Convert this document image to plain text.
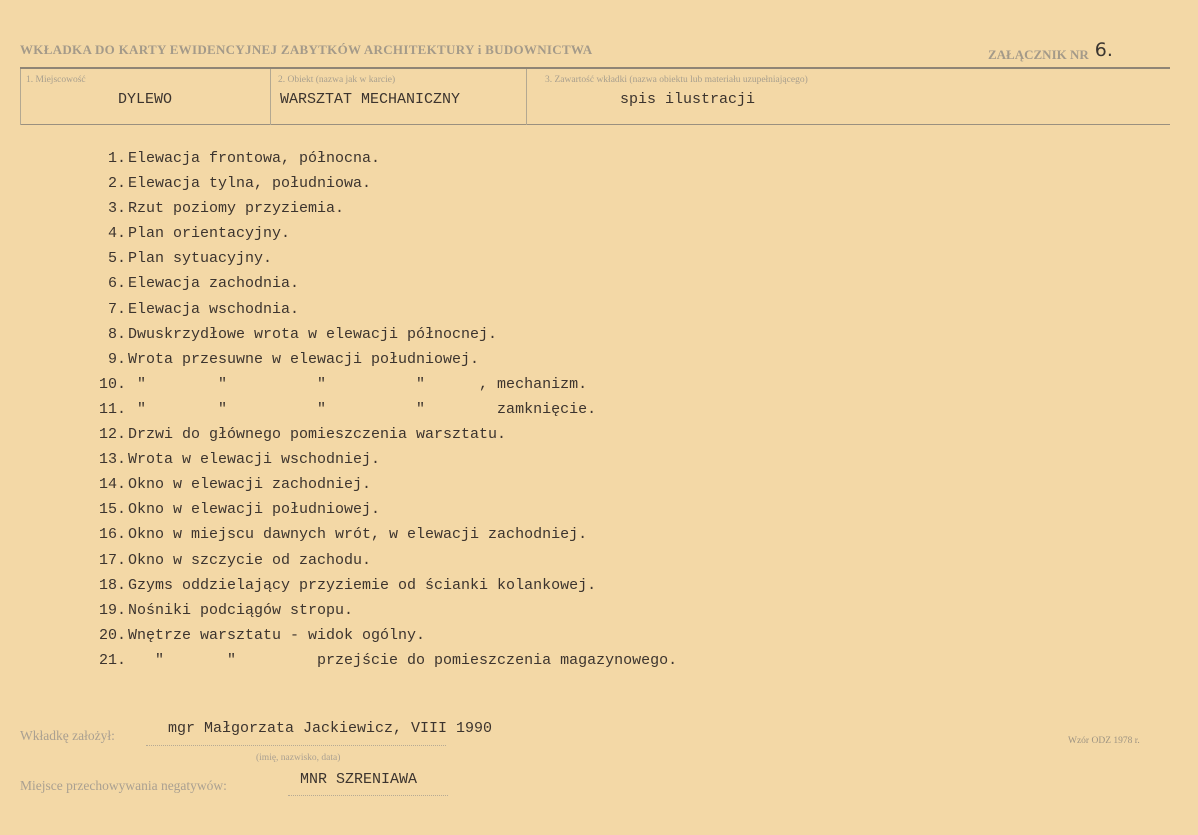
WKŁADKA DO KARTY EWIDENCYJNEJ ZABYTKÓW ARCHITEKTURY i BUDOWNICTWA	ZAŁĄCZNIK NR 6.
1. Miejscowość
DYLEWO
2. Obiekt (nazwa jak w karcie)
WARSZTAT MECHANICZNY
3. Zawartość wkładki (nazwa obiektu lub materiału uzupełniającego)
spis ilustracji
1. Elewacja frontowa, północna.
2. Elewacja tylna, południowa.
3. Rzut poziomy przyziemia.
4. Plan orientacyjny.
5. Plan sytuacyjny.
6. Elewacja zachodnia.
7. Elewacja wschodnia.
8. Dwuskrzydłowe wrota w elewacji północnej.
9. Wrota przesuwne w elewacji południowej.
10. "        "          "          "      , mechanizm.
11. "        "          "          "        zamknięcie.
12. Drzwi do głównego pomieszczenia warsztatu.
13. Wrota w elewacji wschodniej.
14. Okno w elewacji zachodniej.
15. Okno w elewacji południowej.
16. Okno w miejscu dawnych wrót, w elewacji zachodniej.
17. Okno w szczycie od zachodu.
18. Gzyms oddzielający przyziemie od ścianki kolankowej.
19. Nośniki podciągów stropu.
20. Wnętrze warsztatu - widok ogólny.
21.   "       "         przejście do pomieszczenia magazynowego.
Wkładkę założył:	mgr Małgorzata Jackiewicz, VIII 1990
(imię, nazwisko, data)
Wzór ODZ 1978 r.
Miejsce przechowywania negatywów:	MNR SZRENIAWA
